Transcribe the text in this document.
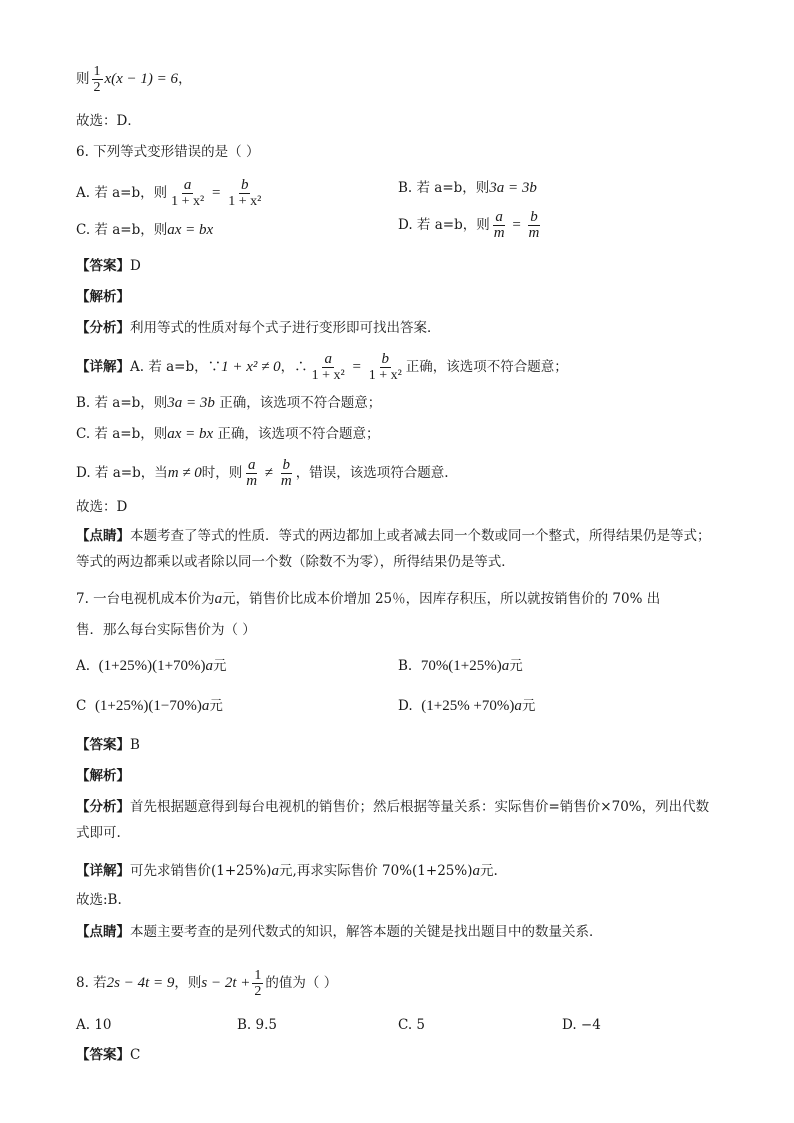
则 $\frac{1}{2} x(x - 1) = 6$，
故选：D．
6. 下列等式变形错误的是（ ）
A. 若 a=b，则 $\frac{a}{\text{1 + x²}} = \frac{b}{\text{1 + x²}}$	B. 若 a=b，则3a = 3b
C. 若 a=b，则ax = bx	D. 若 a=b，则 $\frac{a}{m} = \frac{b}{m}$
【答案】D
【解析】
【分析】利用等式的性质对每个式子进行变形即可找出答案．
【详解】A. 若 a=b，∵1 + x² ≠ 0，∴ $\frac{a}{\text{1 + x²}} = \frac{b}{\text{1 + x²}}$ 正确，该选项不符合题意；
B. 若 a=b，则3a = 3b 正确，该选项不符合题意；
C. 若 a=b，则ax = bx 正确，该选项不符合题意；
D. 若 a=b，当m ≠ 0时，则 $\frac{a}{m} \ne \frac{b}{m}$ ，错误，该选项符合题意.
故选：D
【点睛】本题考查了等式的性质．等式的两边都加上或者减去同一个数或同一个整式，所得结果仍是等式；等式的两边都乘以或者除以同一个数（除数不为零），所得结果仍是等式．
7. 一台电视机成本价为a元，销售价比成本价增加 25％，因库存积压，所以就按销售价的 70% 出
售．那么每台实际售价为（ ）
A. (1+25%)(1+70%)a元	B. 70%(1+25%)a元
C (1+25%)(1−70%)a元	D. (1+25% +70%)a元
【答案】B
【解析】
【分析】首先根据题意得到每台电视机的销售价；然后根据等量关系：实际售价=销售价×70%，列出代数式即可.
【详解】可先求销售价(1+25%)a元,再求实际售价 70%(1+25%)a元.
故选:B.
【点睛】本题主要考查的是列代数式的知识，解答本题的关键是找出题目中的数量关系．
8. 若2s − 4t = 9，则$s - 2t + \frac{1}{2}$ 的值为（ ）
A. 10	B. 9.5	C. 5	D. −4
【答案】C
